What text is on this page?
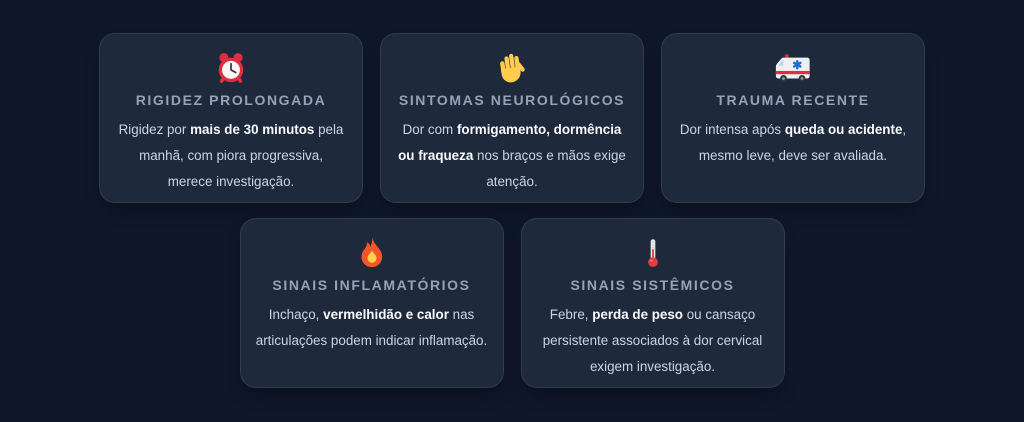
RIGIDEZ PROLONGADA

Rigidez por mais de 30 minutos pela manhã, com piora progressiva, merece investigação.

SINTOMAS NEUROLÓGICOS

Dor com formigamento, dormência ou fraqueza nos braços e mãos exige atenção.

TRAUMA RECENTE

Dor intensa após queda ou acidente, mesmo leve, deve ser avaliada.

SINAIS INFLAMATÓRIOS

Inchaço, vermelhidão e calor nas articulações podem indicar inflamação.

SINAIS SISTÊMICOS

Febre, perda de peso ou cansaço persistente associados à dor cervical exigem investigação.
